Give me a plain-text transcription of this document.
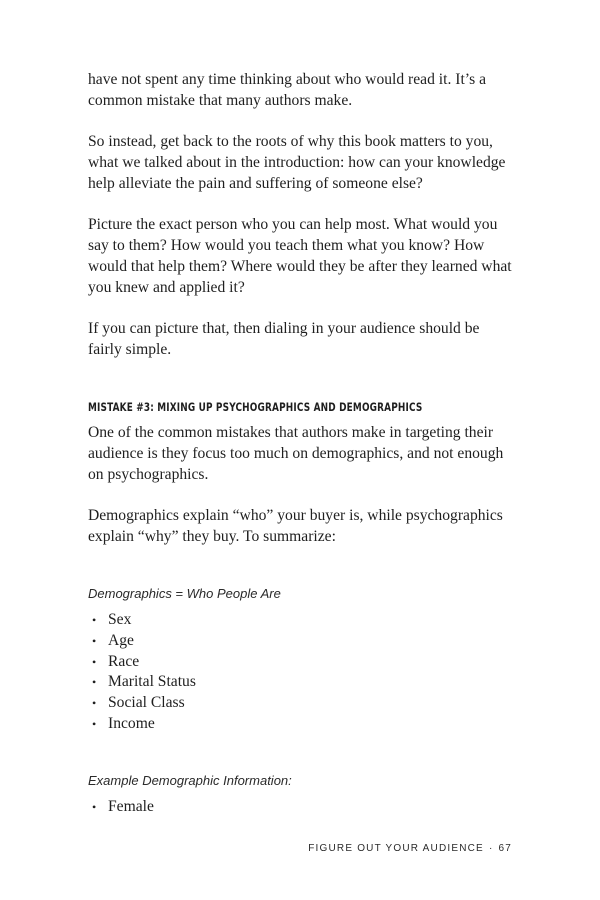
have not spent any time thinking about who would read it. It’s a common mistake that many authors make.

So instead, get back to the roots of why this book matters to you, what we talked about in the introduction: how can your knowledge help alleviate the pain and suffering of someone else?

Picture the exact person who you can help most. What would you say to them? How would you teach them what you know? How would that help them? Where would they be after they learned what you knew and applied it?

If you can picture that, then dialing in your audience should be fairly simple.

MISTAKE #3: MIXING UP PSYCHOGRAPHICS AND DEMOGRAPHICS

One of the common mistakes that authors make in targeting their audience is they focus too much on demographics, and not enough on psychographics.

Demographics explain “who” your buyer is, while psychographics explain “why” they buy. To summarize:

Demographics = Who People Are

• Sex
• Age
• Race
• Marital Status
• Social Class
• Income

Example Demographic Information:

• Female
FIGURE OUT YOUR AUDIENCE · 67
